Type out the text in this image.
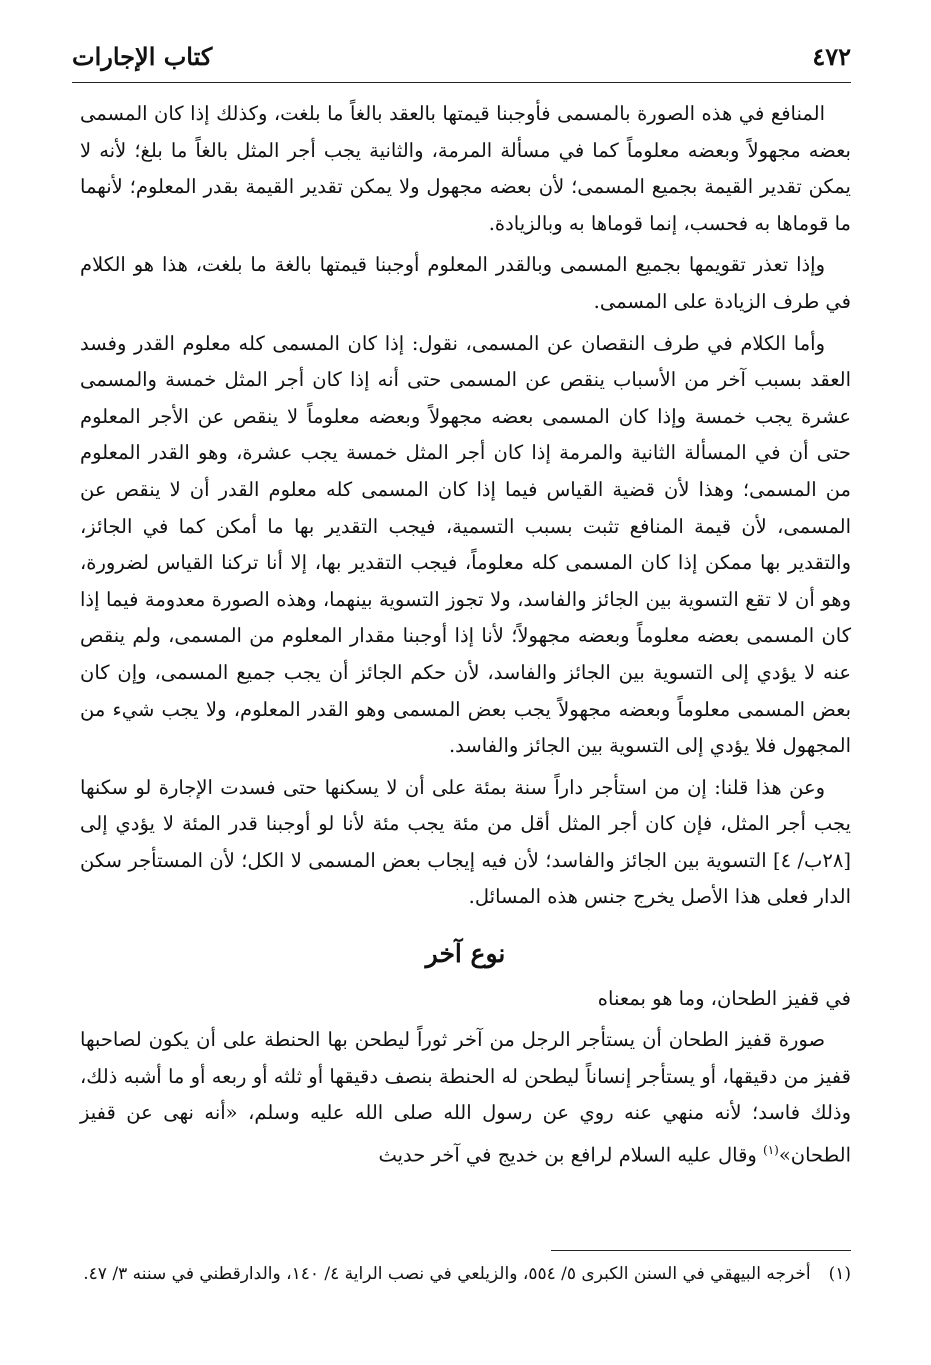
٤٧٢
كتاب الإجارات

المنافع في هذه الصورة بالمسمى فأوجبنا قيمتها بالعقد بالغاً ما بلغت، وكذلك إذا كان المسمى بعضه مجهولاً وبعضه معلوماً كما في مسألة المرمة، والثانية يجب أجر المثل بالغاً ما بلغ؛ لأنه لا يمكن تقدير القيمة بجميع المسمى؛ لأن بعضه مجهول ولا يمكن تقدير القيمة بقدر المعلوم؛ لأنهما ما قوماها به فحسب، إنما قوماها به وبالزيادة.

وإذا تعذر تقويمها بجميع المسمى وبالقدر المعلوم أوجبنا قيمتها بالغة ما بلغت، هذا هو الكلام في طرف الزيادة على المسمى.

وأما الكلام في طرف النقصان عن المسمى، نقول: إذا كان المسمى كله معلوم القدر وفسد العقد بسبب آخر من الأسباب ينقص عن المسمى حتى أنه إذا كان أجر المثل خمسة والمسمى عشرة يجب خمسة وإذا كان المسمى بعضه مجهولاً وبعضه معلوماً لا ينقص عن الأجر المعلوم حتى أن في المسألة الثانية والمرمة إذا كان أجر المثل خمسة يجب عشرة، وهو القدر المعلوم من المسمى؛ وهذا لأن قضية القياس فيما إذا كان المسمى كله معلوم القدر أن لا ينقص عن المسمى، لأن قيمة المنافع تثبت بسبب التسمية، فيجب التقدير بها ما أمكن كما في الجائز، والتقدير بها ممكن إذا كان المسمى كله معلوماً، فيجب التقدير بها، إلا أنا تركنا القياس لضرورة، وهو أن لا تقع التسوية بين الجائز والفاسد، ولا تجوز التسوية بينهما، وهذه الصورة معدومة فيما إذا كان المسمى بعضه معلوماً وبعضه مجهولاً؛ لأنا إذا أوجبنا مقدار المعلوم من المسمى، ولم ينقص عنه لا يؤدي إلى التسوية بين الجائز والفاسد، لأن حكم الجائز أن يجب جميع المسمى، وإن كان بعض المسمى معلوماً وبعضه مجهولاً يجب بعض المسمى وهو القدر المعلوم، ولا يجب شيء من المجهول فلا يؤدي إلى التسوية بين الجائز والفاسد.

وعن هذا قلنا: إن من استأجر داراً سنة بمئة على أن لا يسكنها حتى فسدت الإجارة لو سكنها يجب أجر المثل، فإن كان أجر المثل أقل من مئة يجب مئة لأنا لو أوجبنا قدر المئة لا يؤدي إلى [٢٨ب/ ٤] التسوية بين الجائز والفاسد؛ لأن فيه إيجاب بعض المسمى لا الكل؛ لأن المستأجر سكن الدار فعلى هذا الأصل يخرج جنس هذه المسائل.

نوع آخر

في قفيز الطحان، وما هو بمعناه

صورة قفيز الطحان أن يستأجر الرجل من آخر ثوراً ليطحن بها الحنطة على أن يكون لصاحبها قفيز من دقيقها، أو يستأجر إنساناً ليطحن له الحنطة بنصف دقيقها أو ثلثه أو ربعه أو ما أشبه ذلك، وذلك فاسد؛ لأنه منهي عنه روي عن رسول الله صلى الله عليه وسلم، «أنه نهى عن قفيز الطحان»$^{(١)}$ وقال عليه السلام لرافع بن خديج في آخر حديث

(١)أخرجه البيهقي في السنن الكبرى ٥/ ٥٥٤، والزيلعي في نصب الراية ٤/ ١٤٠، والدارقطني في سننه ٣/ ٤٧.
